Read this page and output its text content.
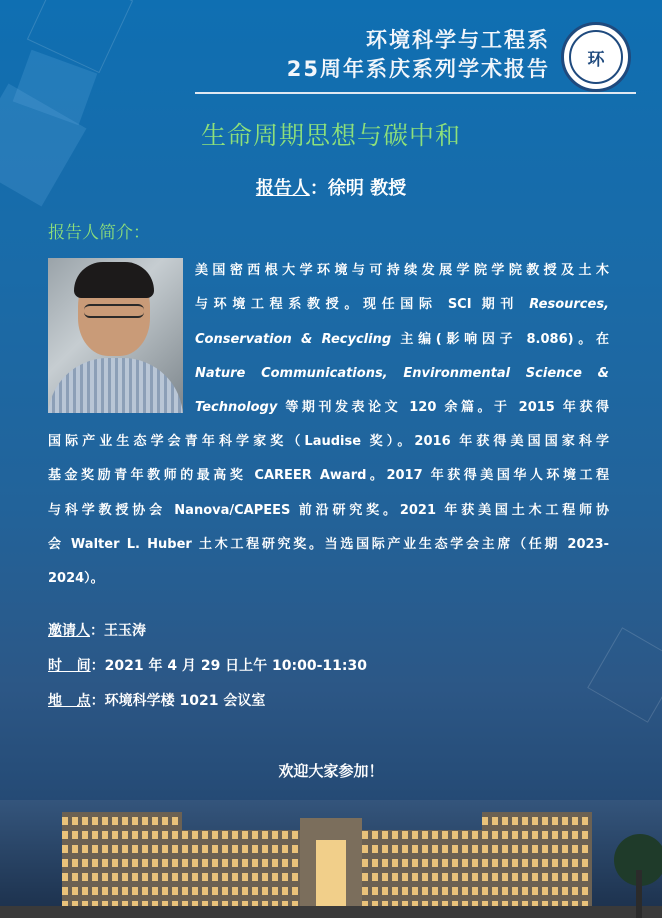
环境科学与工程系
25周年系庆系列学术报告	环
生命周期思想与碳中和
报告人：徐明 教授
报告人简介：
美国密西根大学环境与可持续发展学院学院教授及土木
与环境工程系教授。现任国际 SCI 期刊 Resources,
Conservation & Recycling 主编(影响因子 8.086)。在
Nature Communications, Environmental Science &
Technology 等期刊发表论文 120 余篇。于 2015 年获得
国际产业生态学会青年科学家奖（Laudise 奖）。2016 年获得美国国家科学
基金奖励青年教师的最高奖 CAREER Award。2017 年获得美国华人环境工程
与科学教授协会 Nanova/CAPEES 前沿研究奖。2021 年获美国土木工程师协
会 Walter L. Huber 土木工程研究奖。当选国际产业生态学会主席（任期 2023-
2024）。
邀请人：王玉涛
时   间：2021 年 4 月 29 日上午 10:00-11:30
地   点：环境科学楼 1021 会议室
欢迎大家参加！
